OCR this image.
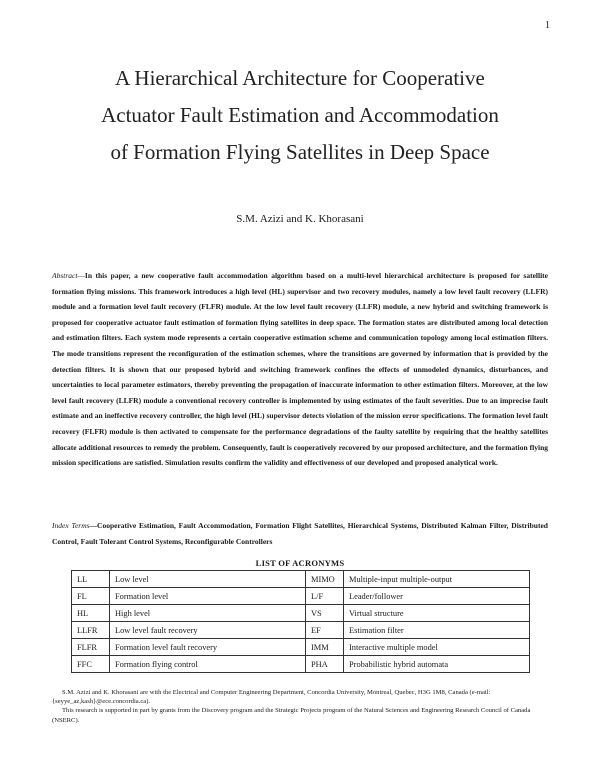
1
A Hierarchical Architecture for Cooperative
Actuator Fault Estimation and Accommodation
of Formation Flying Satellites in Deep Space
S.M. Azizi and K. Khorasani
Abstract—In this paper, a new cooperative fault accommodation algorithm based on a multi-level hierarchical architecture is proposed for satellite formation flying missions. This framework introduces a high level (HL) supervisor and two recovery modules, namely a low level fault recovery (LLFR) module and a formation level fault recovery (FLFR) module. At the low level fault recovery (LLFR) module, a new hybrid and switching framework is proposed for cooperative actuator fault estimation of formation flying satellites in deep space. The formation states are distributed among local detection and estimation filters. Each system mode represents a certain cooperative estimation scheme and communication topology among local estimation filters. The mode transitions represent the reconfiguration of the estimation schemes, where the transitions are governed by information that is provided by the detection filters. It is shown that our proposed hybrid and switching framework confines the effects of unmodeled dynamics, disturbances, and uncertainties to local parameter estimators, thereby preventing the propagation of inaccurate information to other estimation filters. Moreover, at the low level fault recovery (LLFR) module a conventional recovery controller is implemented by using estimates of the fault severities. Due to an imprecise fault estimate and an ineffective recovery controller, the high level (HL) supervisor detects violation of the mission error specifications. The formation level fault recovery (FLFR) module is then activated to compensate for the performance degradations of the faulty satellite by requiring that the healthy satellites allocate additional resources to remedy the problem. Consequently, fault is cooperatively recovered by our proposed architecture, and the formation flying mission specifications are satisfied. Simulation results confirm the validity and effectiveness of our developed and proposed analytical work.
Index Terms—Cooperative Estimation, Fault Accommodation, Formation Flight Satellites, Hierarchical Systems, Distributed Kalman Filter, Distributed Control, Fault Tolerant Control Systems, Reconfigurable Controllers
LIST OF ACRONYMS
LL	Low level	MIMO	Multiple-input multiple-output
FL	Formation level	L/F	Leader/follower
HL	High level	VS	Virtual structure
LLFR	Low level fault recovery	EF	Estimation filter
FLFR	Formation level fault recovery	IMM	Interactive multiple model
FFC	Formation flying control	PHA	Probabilistic hybrid automata

S.M. Azizi and K. Khorasani are with the Electrical and Computer Engineering Department, Concordia University, Montreal, Quebec, H3G 1M8, Canada (e-mail: {seyye_az,kash}@ece.concordia.ca).

This research is supported in part by grants from the Discovery program and the Strategic Projects program of the Natural Sciences and Engineering Research Council of Canada (NSERC).
